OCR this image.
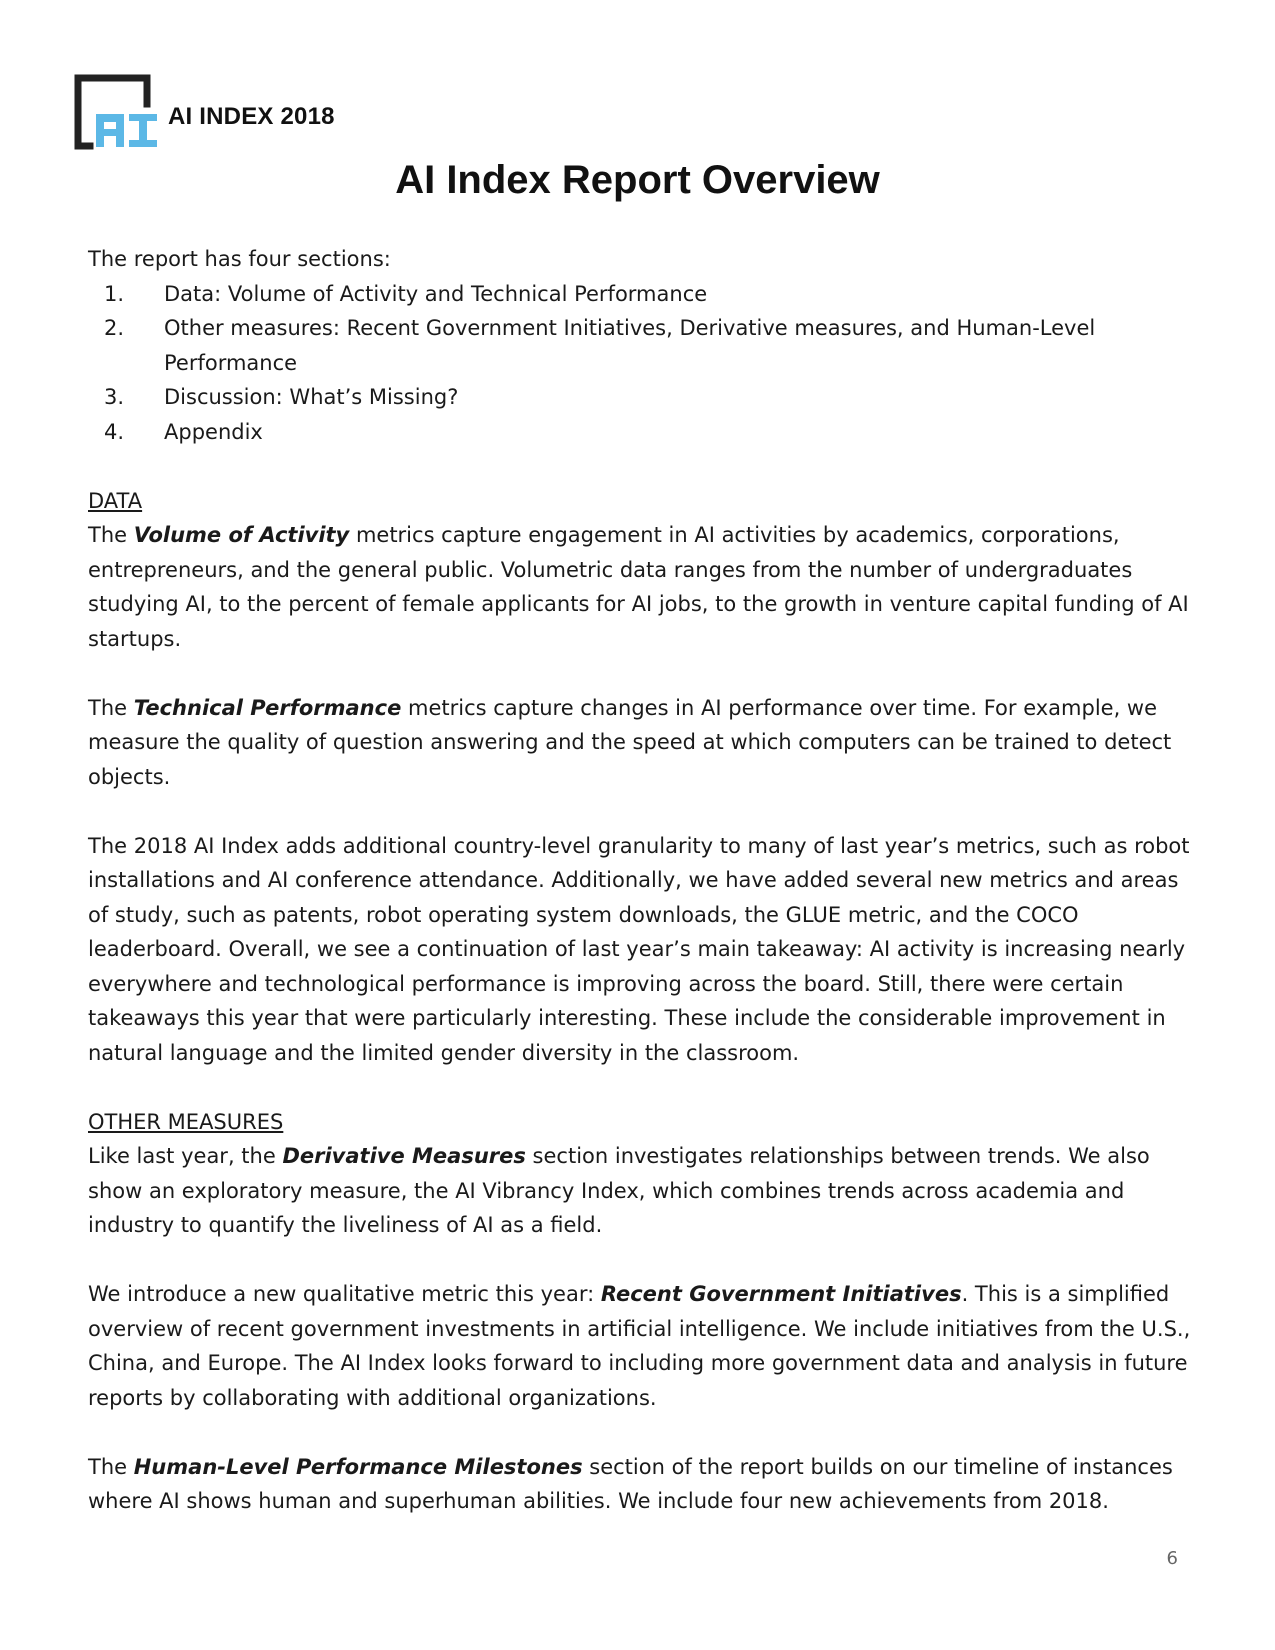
AI INDEX 2018
AI Index Report Overview

The report has four sections:

1. Data: Volume of Activity and Technical Performance
2. Other measures: Recent Government Initiatives, Derivative measures, and Human-Level Performance
3. Discussion: What’s Missing?
4. Appendix

DATA

The Volume of Activity metrics capture engagement in AI activities by academics, corporations, entrepreneurs, and the general public. Volumetric data ranges from the number of undergraduates studying AI, to the percent of female applicants for AI jobs, to the growth in venture capital funding of AI startups.

The Technical Performance metrics capture changes in AI performance over time. For example, we measure the quality of question answering and the speed at which computers can be trained to detect objects.

The 2018 AI Index adds additional country-level granularity to many of last year’s metrics, such as robot installations and AI conference attendance. Additionally, we have added several new metrics and areas of study, such as patents, robot operating system downloads, the GLUE metric, and the COCO leaderboard. Overall, we see a continuation of last year’s main takeaway: AI activity is increasing nearly everywhere and technological performance is improving across the board. Still, there were certain takeaways this year that were particularly interesting. These include the considerable improvement in natural language and the limited gender diversity in the classroom.

OTHER MEASURES

Like last year, the Derivative Measures section investigates relationships between trends. We also show an exploratory measure, the AI Vibrancy Index, which combines trends across academia and industry to quantify the liveliness of AI as a field.

We introduce a new qualitative metric this year: Recent Government Initiatives. This is a simplified overview of recent government investments in artificial intelligence. We include initiatives from the U.S., China, and Europe. The AI Index looks forward to including more government data and analysis in future reports by collaborating with additional organizations.

The Human-Level Performance Milestones section of the report builds on our timeline of instances where AI shows human and superhuman abilities. We include four new achievements from 2018.

6
